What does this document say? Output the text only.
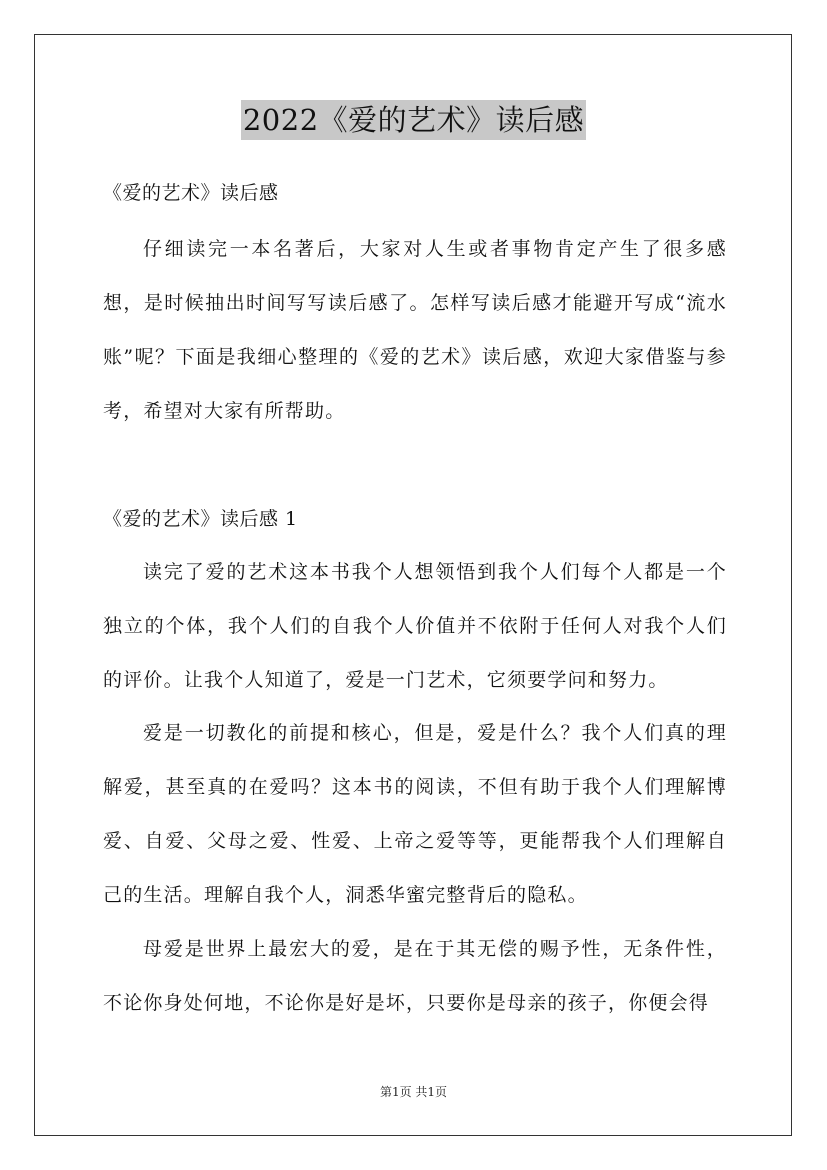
2022《爱的艺术》读后感

《爱的艺术》读后感

仔细读完一本名著后，大家对人生或者事物肯定产生了很多感想，是时候抽出时间写写读后感了。怎样写读后感才能避开写成“流水账”呢？下面是我细心整理的《爱的艺术》读后感，欢迎大家借鉴与参考，希望对大家有所帮助。

《爱的艺术》读后感 1

读完了爱的艺术这本书我个人想领悟到我个人们每个人都是一个独立的个体，我个人们的自我个人价值并不依附于任何人对我个人们的评价。让我个人知道了，爱是一门艺术，它须要学问和努力。

爱是一切教化的前提和核心，但是，爱是什么？我个人们真的理解爱，甚至真的在爱吗？这本书的阅读，不但有助于我个人们理解博爱、自爱、父母之爱、性爱、上帝之爱等等，更能帮我个人们理解自己的生活。理解自我个人，洞悉华蜜完整背后的隐私。

母爱是世界上最宏大的爱，是在于其无偿的赐予性，无条件性，不论你身处何地，不论你是好是坏，只要你是母亲的孩子，你便会得

第1页 共1页
